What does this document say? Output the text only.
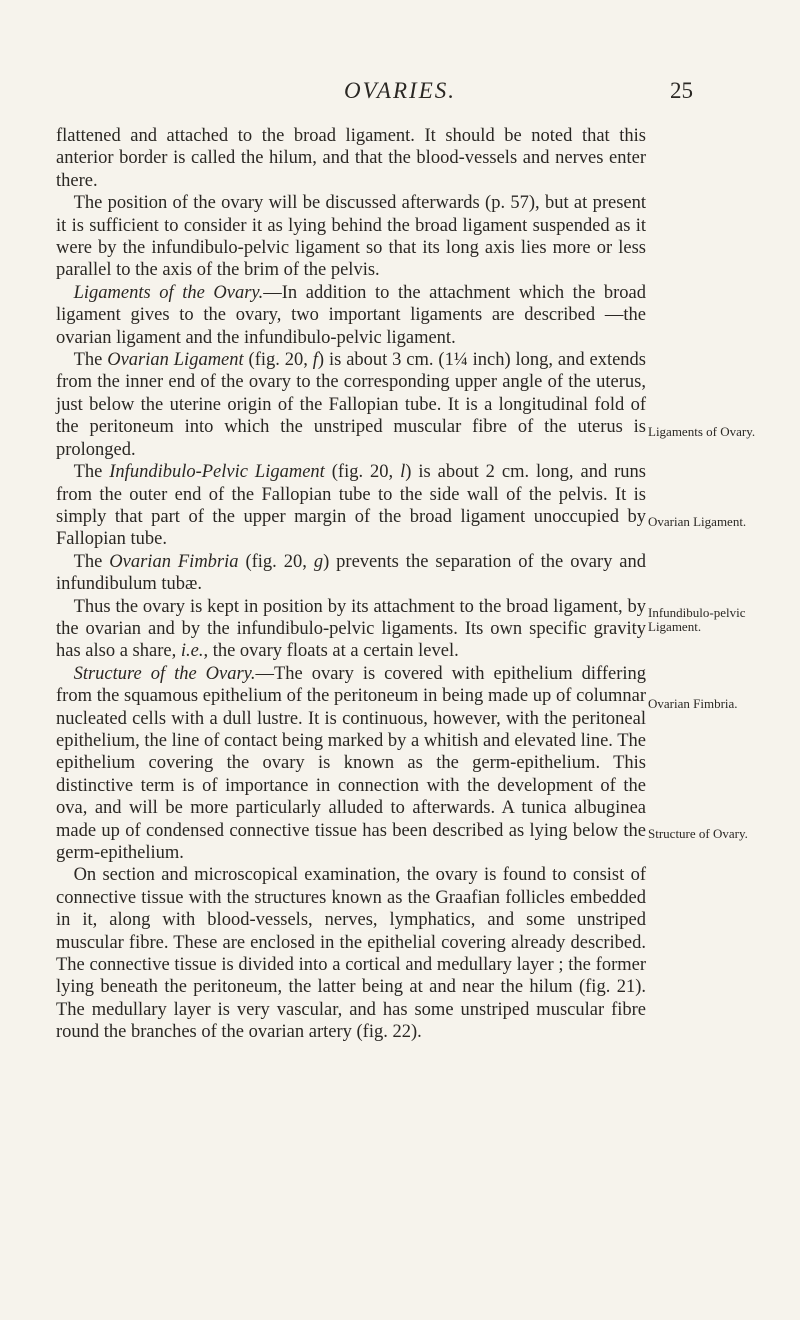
OVARIES.	25

flattened and attached to the broad ligament. It should be noted that this anterior border is called the hilum, and that the blood-vessels and nerves enter there.

The position of the ovary will be discussed afterwards (p. 57), but at present it is sufficient to consider it as lying behind the broad ligament suspended as it were by the infundibulo-pelvic ligament so that its long axis lies more or less parallel to the axis of the brim of the pelvis.

Ligaments of the Ovary.—In addition to the attachment which the broad ligament gives to the ovary, two important ligaments are described —the ovarian ligament and the infundibulo-pelvic ligament.

The Ovarian Ligament (fig. 20, f) is about 3 cm. (1¼ inch) long, and extends from the inner end of the ovary to the corresponding upper angle of the uterus, just below the uterine origin of the Fallopian tube. It is a longitudinal fold of the peritoneum into which the unstriped muscular fibre of the uterus is prolonged.

The Infundibulo-Pelvic Ligament (fig. 20, l) is about 2 cm. long, and runs from the outer end of the Fallopian tube to the side wall of the pelvis. It is simply that part of the upper margin of the broad ligament unoccupied by Fallopian tube.

The Ovarian Fimbria (fig. 20, g) prevents the separation of the ovary and infundibulum tubæ.

Thus the ovary is kept in position by its attachment to the broad ligament, by the ovarian and by the infundibulo-pelvic ligaments. Its own specific gravity has also a share, i.e., the ovary floats at a certain level.

Structure of the Ovary.—The ovary is covered with epithelium differing from the squamous epithelium of the peritoneum in being made up of columnar nucleated cells with a dull lustre. It is continuous, however, with the peritoneal epithelium, the line of contact being marked by a whitish and elevated line. The epithelium covering the ovary is known as the germ-epithelium. This distinctive term is of importance in connection with the development of the ova, and will be more particularly alluded to afterwards. A tunica albuginea made up of condensed connective tissue has been described as lying below the germ-epithelium.

On section and microscopical examination, the ovary is found to consist of connective tissue with the structures known as the Graafian follicles embedded in it, along with blood-vessels, nerves, lymphatics, and some unstriped muscular fibre. These are enclosed in the epithelial covering already described. The connective tissue is divided into a cortical and medullary layer ; the former lying beneath the peritoneum, the latter being at and near the hilum (fig. 21). The medullary layer is very vascular, and has some unstriped muscular fibre round the branches of the ovarian artery (fig. 22).

Ligaments of Ovary.
Ovarian Ligament.
Infundibulo-pelvic Ligament.
Ovarian Fimbria.
Structure of Ovary.
